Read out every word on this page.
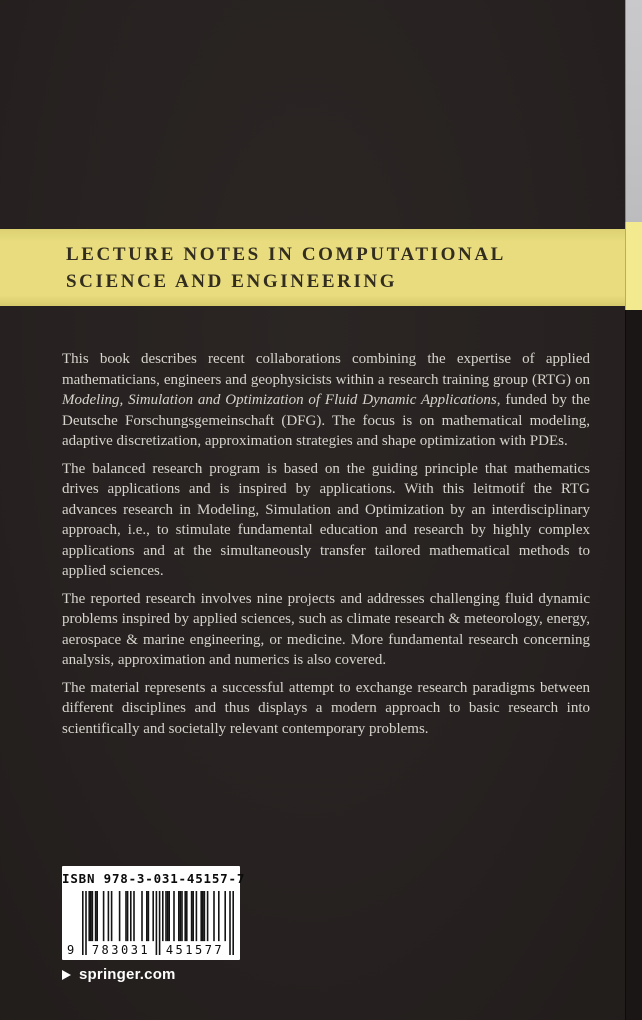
LECTURE NOTES IN COMPUTATIONAL SCIENCE AND ENGINEERING

This book describes recent collaborations combining the expertise of applied mathematicians, engineers and geophysicists within a research training group (RTG) on Modeling, Simulation and Optimization of Fluid Dynamic Applications, funded by the Deutsche Forschungsgemeinschaft (DFG). The focus is on mathematical modeling, adaptive discretization, approximation strategies and shape optimization with PDEs.

The balanced research program is based on the guiding principle that mathematics drives applications and is inspired by applications. With this leitmotif the RTG advances research in Modeling, Simulation and Optimization by an interdisciplinary approach, i.e., to stimulate fundamental education and research by highly complex applications and at the simultaneously transfer tailored mathematical methods to applied sciences.

The reported research involves nine projects and addresses challenging fluid dynamic problems inspired by applied sciences, such as climate research & meteorology, energy, aerospace & marine engineering, or medicine. More fundamental research concerning analysis, approximation and numerics is also covered.

The material represents a successful attempt to exchange research paradigms between different disciplines and thus displays a modern approach to basic research into scientifically and societally relevant contemporary problems.

ISBN 978-3-031-45157-7
9	783031	451577
springer.com
